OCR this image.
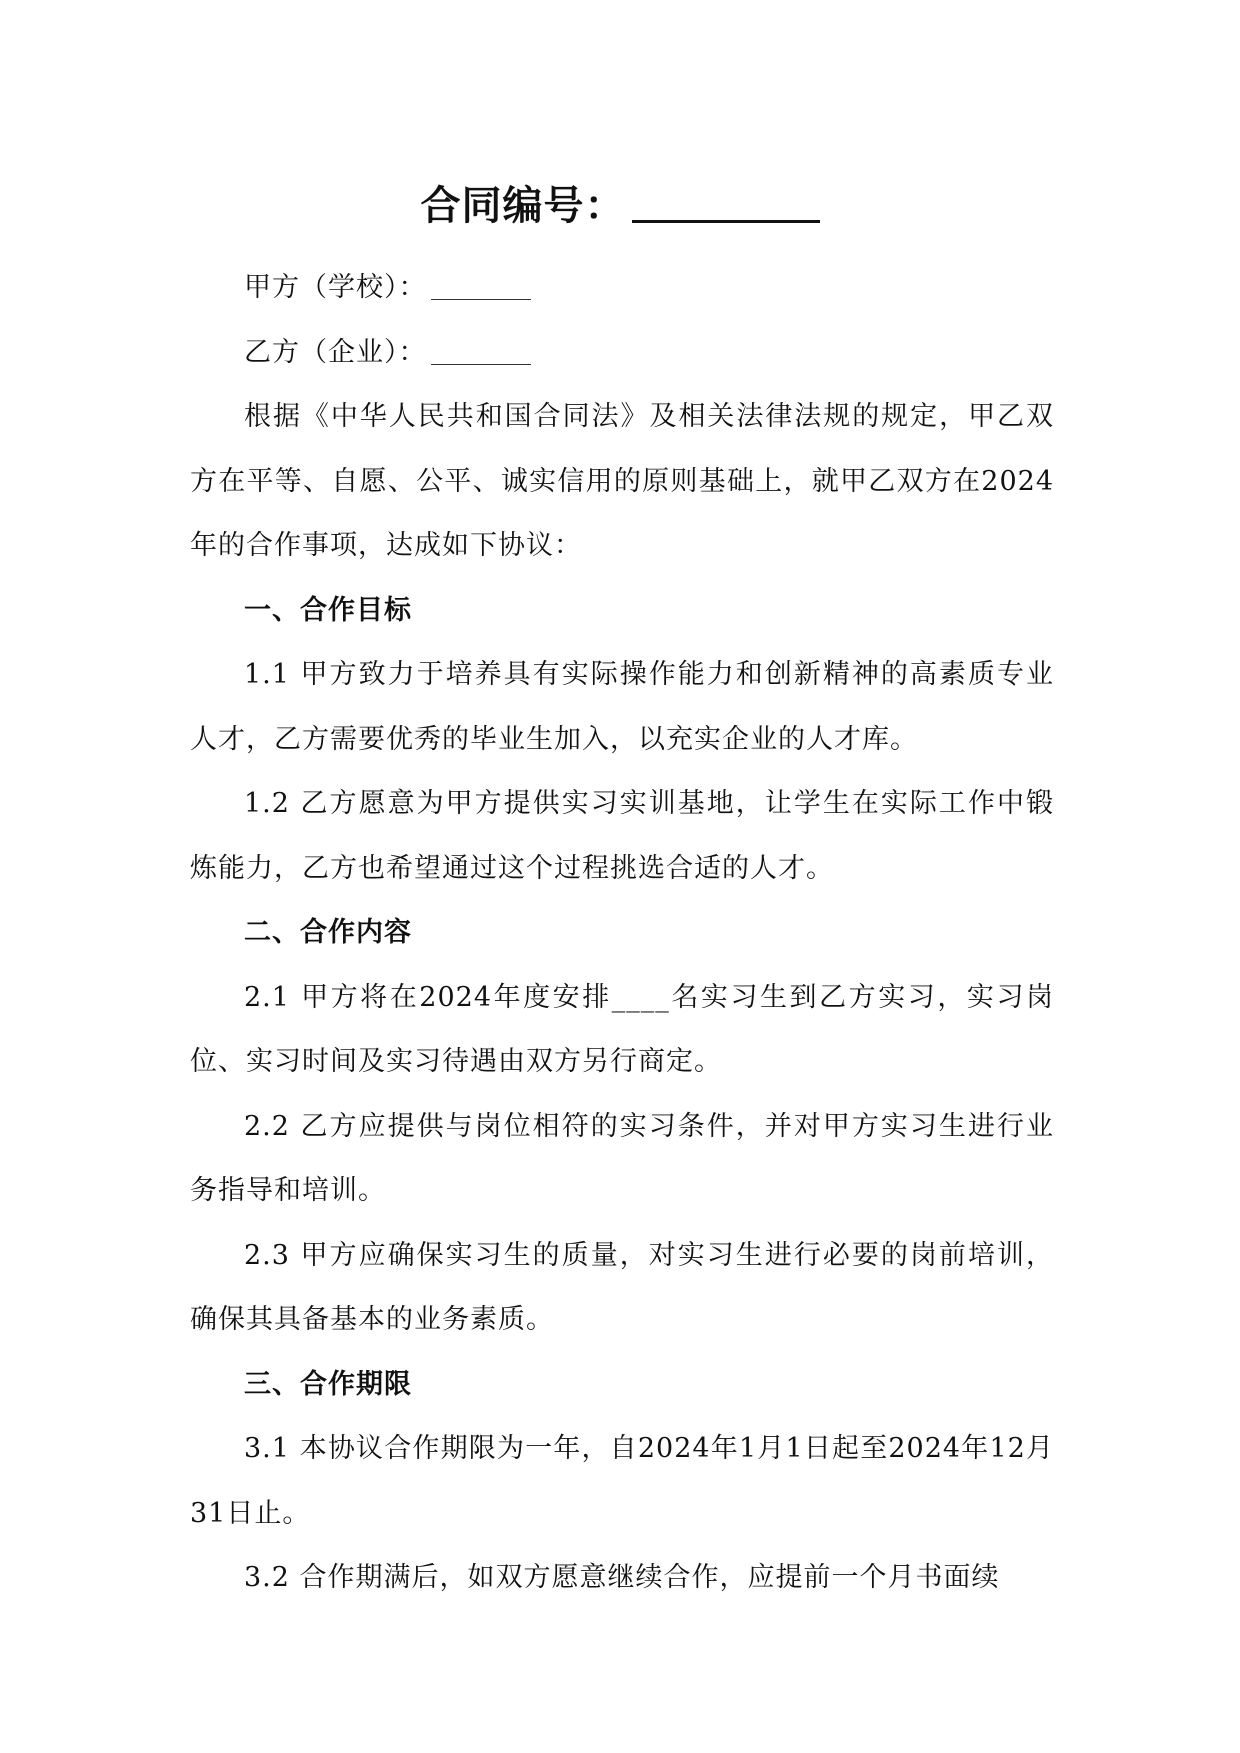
合同编号：

甲方（学校）：

乙方（企业）：

根据《中华人民共和国合同法》及相关法律法规的规定，甲乙双方在平等、自愿、公平、诚实信用的原则基础上，就甲乙双方在2024年的合作事项，达成如下协议：

一、合作目标

1.1 甲方致力于培养具有实际操作能力和创新精神的高素质专业人才，乙方需要优秀的毕业生加入，以充实企业的人才库。

1.2 乙方愿意为甲方提供实习实训基地，让学生在实际工作中锻炼能力，乙方也希望通过这个过程挑选合适的人才。

二、合作内容

2.1 甲方将在2024年度安排____名实习生到乙方实习，实习岗位、实习时间及实习待遇由双方另行商定。

2.2 乙方应提供与岗位相符的实习条件，并对甲方实习生进行业务指导和培训。

2.3 甲方应确保实习生的质量，对实习生进行必要的岗前培训，确保其具备基本的业务素质。

三、合作期限

3.1 本协议合作期限为一年，自2024年1月1日起至2024年12月31日止。

3.2 合作期满后，如双方愿意继续合作，应提前一个月书面续
